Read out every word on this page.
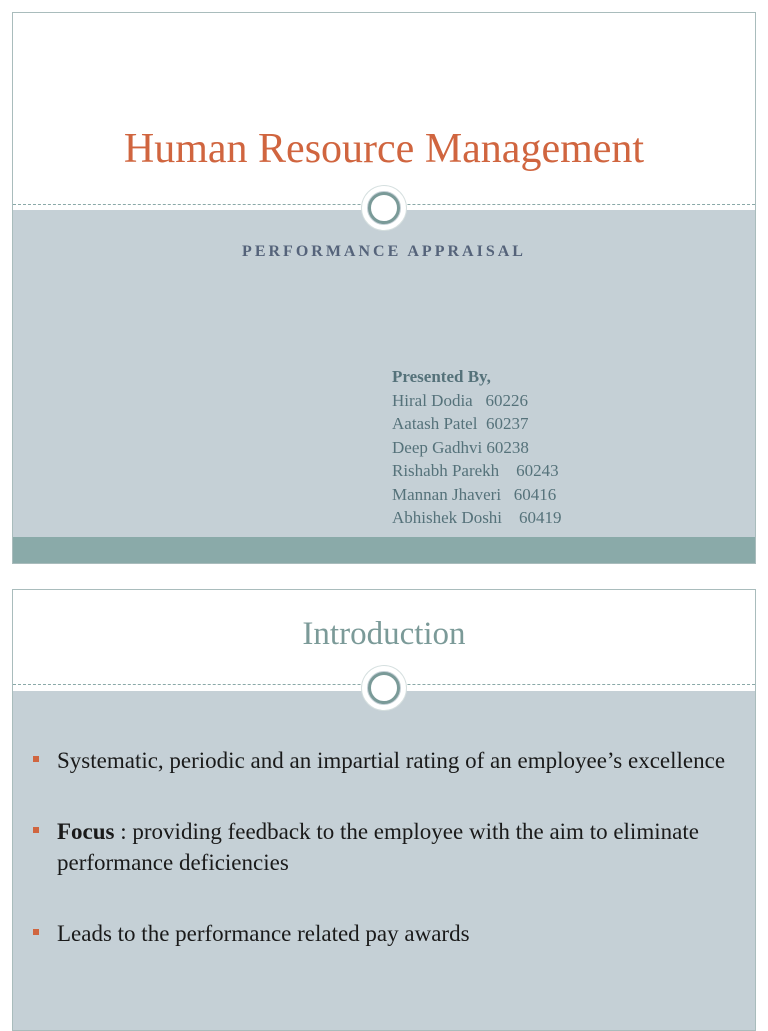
Human Resource Management
PERFORMANCE APPRAISAL
Presented By,
Hiral Dodia   60226
Aatash Patel  60237
Deep Gadhvi 60238
Rishabh Parekh    60243
Mannan Jhaveri   60416
Abhishek Doshi    60419
Introduction
Systematic, periodic and an impartial rating of an employee’s excellence
Focus : providing feedback to the employee with the aim to eliminate performance deficiencies
Leads to the performance related pay awards
